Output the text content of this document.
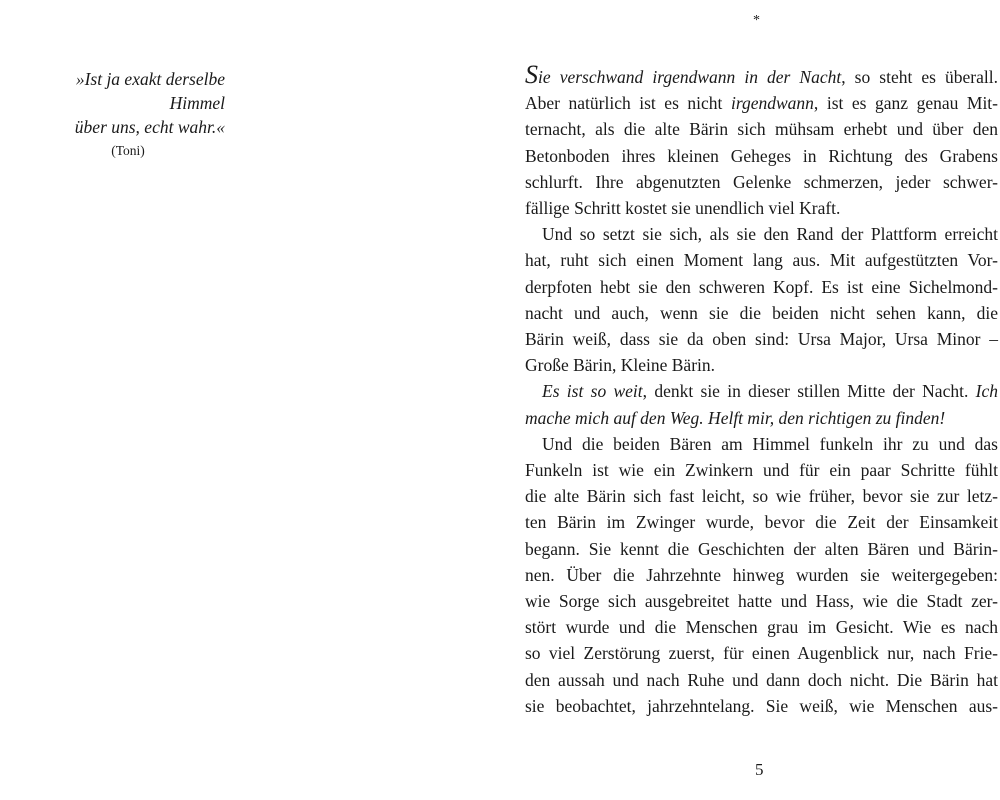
*
»Ist ja exakt derselbe Himmel
über uns, echt wahr.«
(Toni)
Sie verschwand irgendwann in der Nacht, so steht es überall.
Aber natürlich ist es nicht irgendwann, ist es ganz genau Mit-
ternacht, als die alte Bärin sich mühsam erhebt und über den
Betonboden ihres kleinen Geheges in Richtung des Grabens
schlurft. Ihre abgenutzten Gelenke schmerzen, jeder schwer-
fällige Schritt kostet sie unendlich viel Kraft.
Und so setzt sie sich, als sie den Rand der Plattform erreicht
hat, ruht sich einen Moment lang aus. Mit aufgestützten Vor-
derpfoten hebt sie den schweren Kopf. Es ist eine Sichelmond-
nacht und auch, wenn sie die beiden nicht sehen kann, die
Bärin weiß, dass sie da oben sind: Ursa Major, Ursa Minor –
Große Bärin, Kleine Bärin.
Es ist so weit, denkt sie in dieser stillen Mitte der Nacht. Ich
mache mich auf den Weg. Helft mir, den richtigen zu finden!
Und die beiden Bären am Himmel funkeln ihr zu und das
Funkeln ist wie ein Zwinkern und für ein paar Schritte fühlt
die alte Bärin sich fast leicht, so wie früher, bevor sie zur letz-
ten Bärin im Zwinger wurde, bevor die Zeit der Einsamkeit
begann. Sie kennt die Geschichten der alten Bären und Bärin-
nen. Über die Jahrzehnte hinweg wurden sie weitergegeben:
wie Sorge sich ausgebreitet hatte und Hass, wie die Stadt zer-
stört wurde und die Menschen grau im Gesicht. Wie es nach
so viel Zerstörung zuerst, für einen Augenblick nur, nach Frie-
den aussah und nach Ruhe und dann doch nicht. Die Bärin hat
sie beobachtet, jahrzehntelang. Sie weiß, wie Menschen aus-
5
